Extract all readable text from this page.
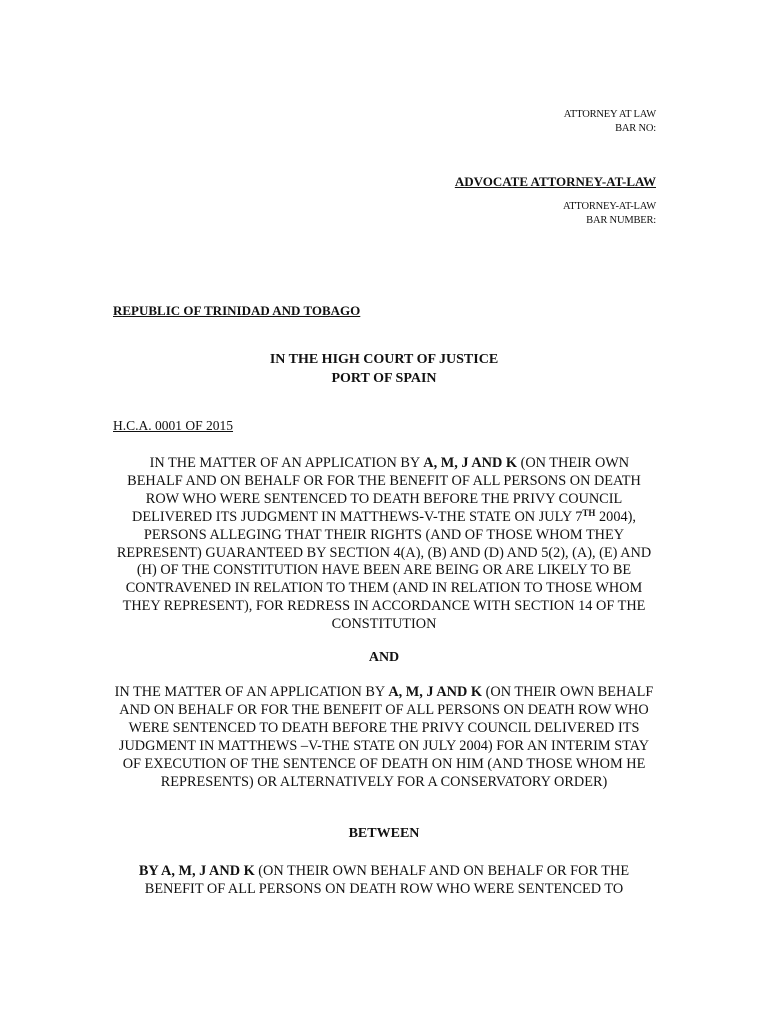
ATTORNEY AT LAW
BAR NO:
ADVOCATE ATTORNEY-AT-LAW
ATTORNEY-AT-LAW
BAR NUMBER:
REPUBLIC OF TRINIDAD AND TOBAGO
IN THE HIGH COURT OF JUSTICE
PORT OF SPAIN
H.C.A. 0001 OF 2015
IN THE MATTER OF AN APPLICATION BY A, M, J AND K (ON THEIR OWN BEHALF AND ON BEHALF OR FOR THE BENEFIT OF ALL PERSONS ON DEATH ROW WHO WERE SENTENCED TO DEATH BEFORE THE PRIVY COUNCIL DELIVERED ITS JUDGMENT IN MATTHEWS-V-THE STATE ON JULY 7TH 2004), PERSONS ALLEGING THAT THEIR RIGHTS (AND OF THOSE WHOM THEY REPRESENT) GUARANTEED BY SECTION 4(A), (B) AND (D) AND 5(2), (A), (E) AND (H) OF THE CONSTITUTION HAVE BEEN ARE BEING OR ARE LIKELY TO BE CONTRAVENED IN RELATION TO THEM (AND IN RELATION TO THOSE WHOM THEY REPRESENT), FOR REDRESS IN ACCORDANCE WITH SECTION 14 OF THE CONSTITUTION
AND
IN THE MATTER OF AN APPLICATION BY A, M, J AND K (ON THEIR OWN BEHALF AND ON BEHALF OR FOR THE BENEFIT OF ALL PERSONS ON DEATH ROW WHO WERE SENTENCED TO DEATH BEFORE THE PRIVY COUNCIL DELIVERED ITS JUDGMENT IN MATTHEWS –V-THE STATE ON JULY 2004) FOR AN INTERIM STAY OF EXECUTION OF THE SENTENCE OF DEATH ON HIM (AND THOSE WHOM HE REPRESENTS) OR ALTERNATIVELY FOR A CONSERVATORY ORDER)
BETWEEN
BY A, M, J AND K (ON THEIR OWN BEHALF AND ON BEHALF OR FOR THE BENEFIT OF ALL PERSONS ON DEATH ROW WHO WERE SENTENCED TO
